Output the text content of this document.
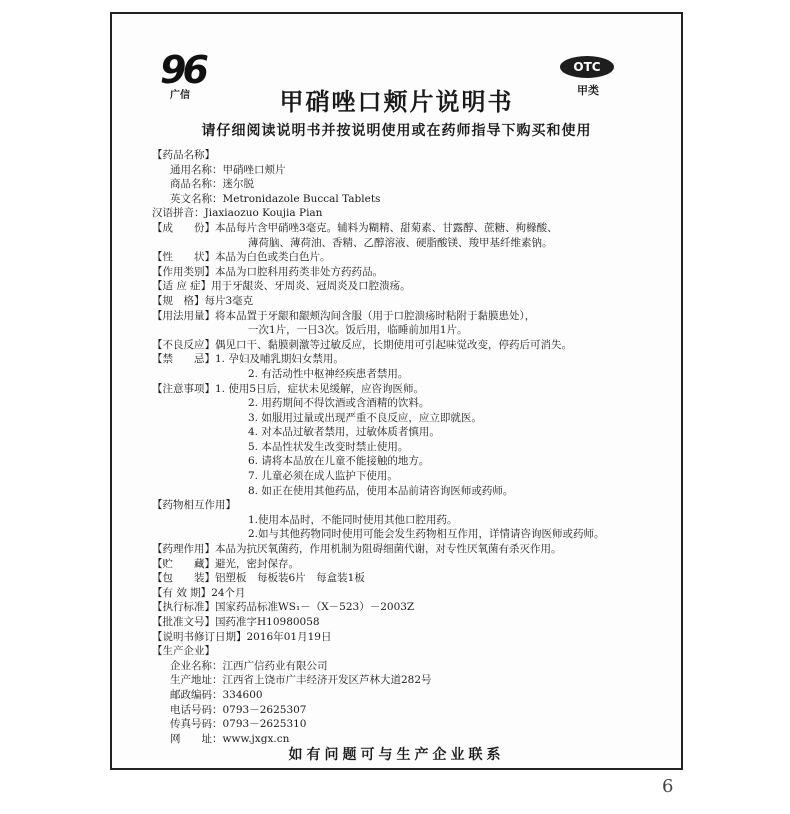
96
广信
OTC
甲类
甲硝唑口颊片说明书
请仔细阅读说明书并按说明使用或在药师指导下购买和使用
【药品名称】
通用名称： 甲硝唑口颊片
商品名称： 迷尔脱
英文名称： Metronidazole Buccal Tablets
汉语拼音： Jiaxiaozuo Koujia Pian
【成　　份】 本品每片含甲硝唑3毫克。辅料为糊精、甜菊素、甘露醇、蔗糖、枸橼酸、
薄荷脑、薄荷油、香精、乙醇溶液、硬脂酸镁、羧甲基纤维素钠。
【性　　状】 本品为白色或类白色片。
【作用类别】 本品为口腔科用药类非处方药药品。
【适 应 症】 用于牙龈炎、牙周炎、冠周炎及口腔溃疡。
【规　格】 每片3毫克
【用法用量】 将本品置于牙龈和龈颊沟间含服（用于口腔溃疡时粘附于黏膜患处），
一次1片，一日3次。饭后用，临睡前加用1片。
【不良反应】 偶见口干、黏膜刺激等过敏反应，长期使用可引起味觉改变，停药后可消失。
【禁　　忌】 1. 孕妇及哺乳期妇女禁用。
2. 有活动性中枢神经疾患者禁用。
【注意事项】 1. 使用5日后，症状未见缓解，应咨询医师。
2. 用药期间不得饮酒或含酒精的饮料。
3. 如服用过量或出现严重不良反应，应立即就医。
4. 对本品过敏者禁用，过敏体质者慎用。
5. 本品性状发生改变时禁止使用。
6. 请将本品放在儿童不能接触的地方。
7. 儿童必须在成人监护下使用。
8. 如正在使用其他药品，使用本品前请咨询医师或药师。
【药物相互作用】
1.使用本品时，不能同时使用其他口腔用药。
2.如与其他药物同时使用可能会发生药物相互作用，详情请咨询医师或药师。
【药理作用】 本品为抗厌氧菌药，作用机制为阻碍细菌代谢，对专性厌氧菌有杀灭作用。
【贮　　藏】 避光，密封保存。
【包　　装】 铝塑板　每板装6片　每盒装1板
【有 效 期】 24个月
【执行标准】 国家药品标准WS₁－（X－523）－2003Z
【批准文号】 国药准字H10980058
【说明书修订日期】 2016年01月19日
【生产企业】
企业名称： 江西广信药业有限公司
生产地址： 江西省上饶市广丰经济开发区芦林大道282号
邮政编码： 334600
电话号码： 0793－2625307
传真号码： 0793－2625310
网　　址： www.jxgx.cn
如有问题可与生产企业联系
6
